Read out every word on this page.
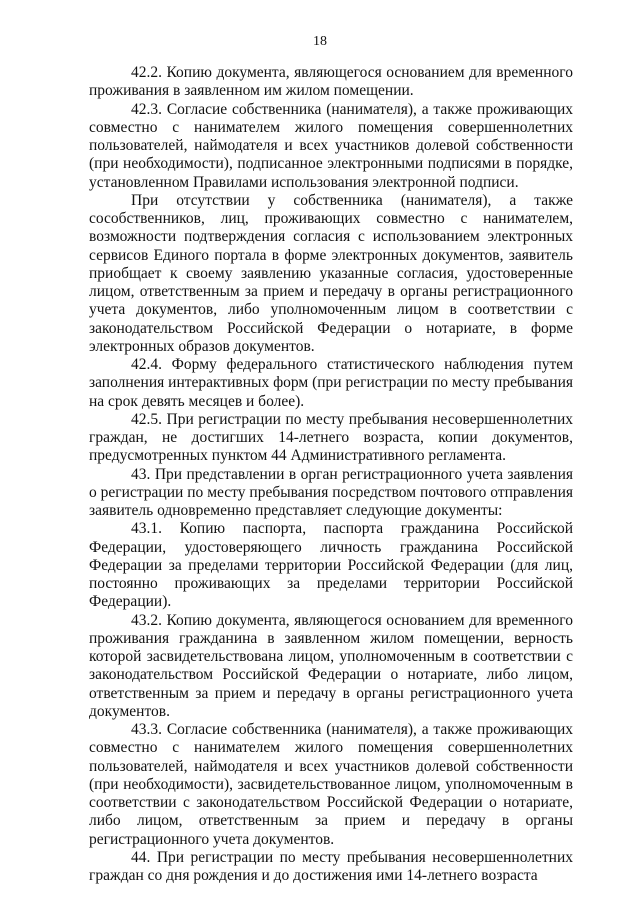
18

42.2. Копию документа, являющегося основанием для временного проживания в заявленном им жилом помещении.

42.3. Согласие собственника (нанимателя), а также проживающих совместно с нанимателем жилого помещения совершеннолетних пользователей, наймодателя и всех участников долевой собственности (при необходимости), подписанное электронными подписями в порядке, установленном Правилами использования электронной подписи.

При отсутствии у собственника (нанимателя), а также сособственников, лиц, проживающих совместно с нанимателем, возможности подтверждения согласия с использованием электронных сервисов Единого портала в форме электронных документов, заявитель приобщает к своему заявлению указанные согласия, удостоверенные лицом, ответственным за прием и передачу в органы регистрационного учета документов, либо уполномоченным лицом в соответствии с законодательством Российской Федерации о нотариате, в форме электронных образов документов.

42.4. Форму федерального статистического наблюдения путем заполнения интерактивных форм (при регистрации по месту пребывания на срок девять месяцев и более).

42.5. При регистрации по месту пребывания несовершеннолетних граждан, не достигших 14-летнего возраста, копии документов, предусмотренных пунктом 44 Административного регламента.

43. При представлении в орган регистрационного учета заявления о регистрации по месту пребывания посредством почтового отправления заявитель одновременно представляет следующие документы:

43.1. Копию паспорта, паспорта гражданина Российской Федерации, удостоверяющего личность гражданина Российской Федерации за пределами территории Российской Федерации (для лиц, постоянно проживающих за пределами территории Российской Федерации).

43.2. Копию документа, являющегося основанием для временного проживания гражданина в заявленном жилом помещении, верность которой засвидетельствована лицом, уполномоченным в соответствии с законодательством Российской Федерации о нотариате, либо лицом, ответственным за прием и передачу в органы регистрационного учета документов.

43.3. Согласие собственника (нанимателя), а также проживающих совместно с нанимателем жилого помещения совершеннолетних пользователей, наймодателя и всех участников долевой собственности (при необходимости), засвидетельствованное лицом, уполномоченным в соответствии с законодательством Российской Федерации о нотариате, либо лицом, ответственным за прием и передачу в органы регистрационного учета документов.

44. При регистрации по месту пребывания несовершеннолетних граждан со дня рождения и до достижения ими 14-летнего возраста
